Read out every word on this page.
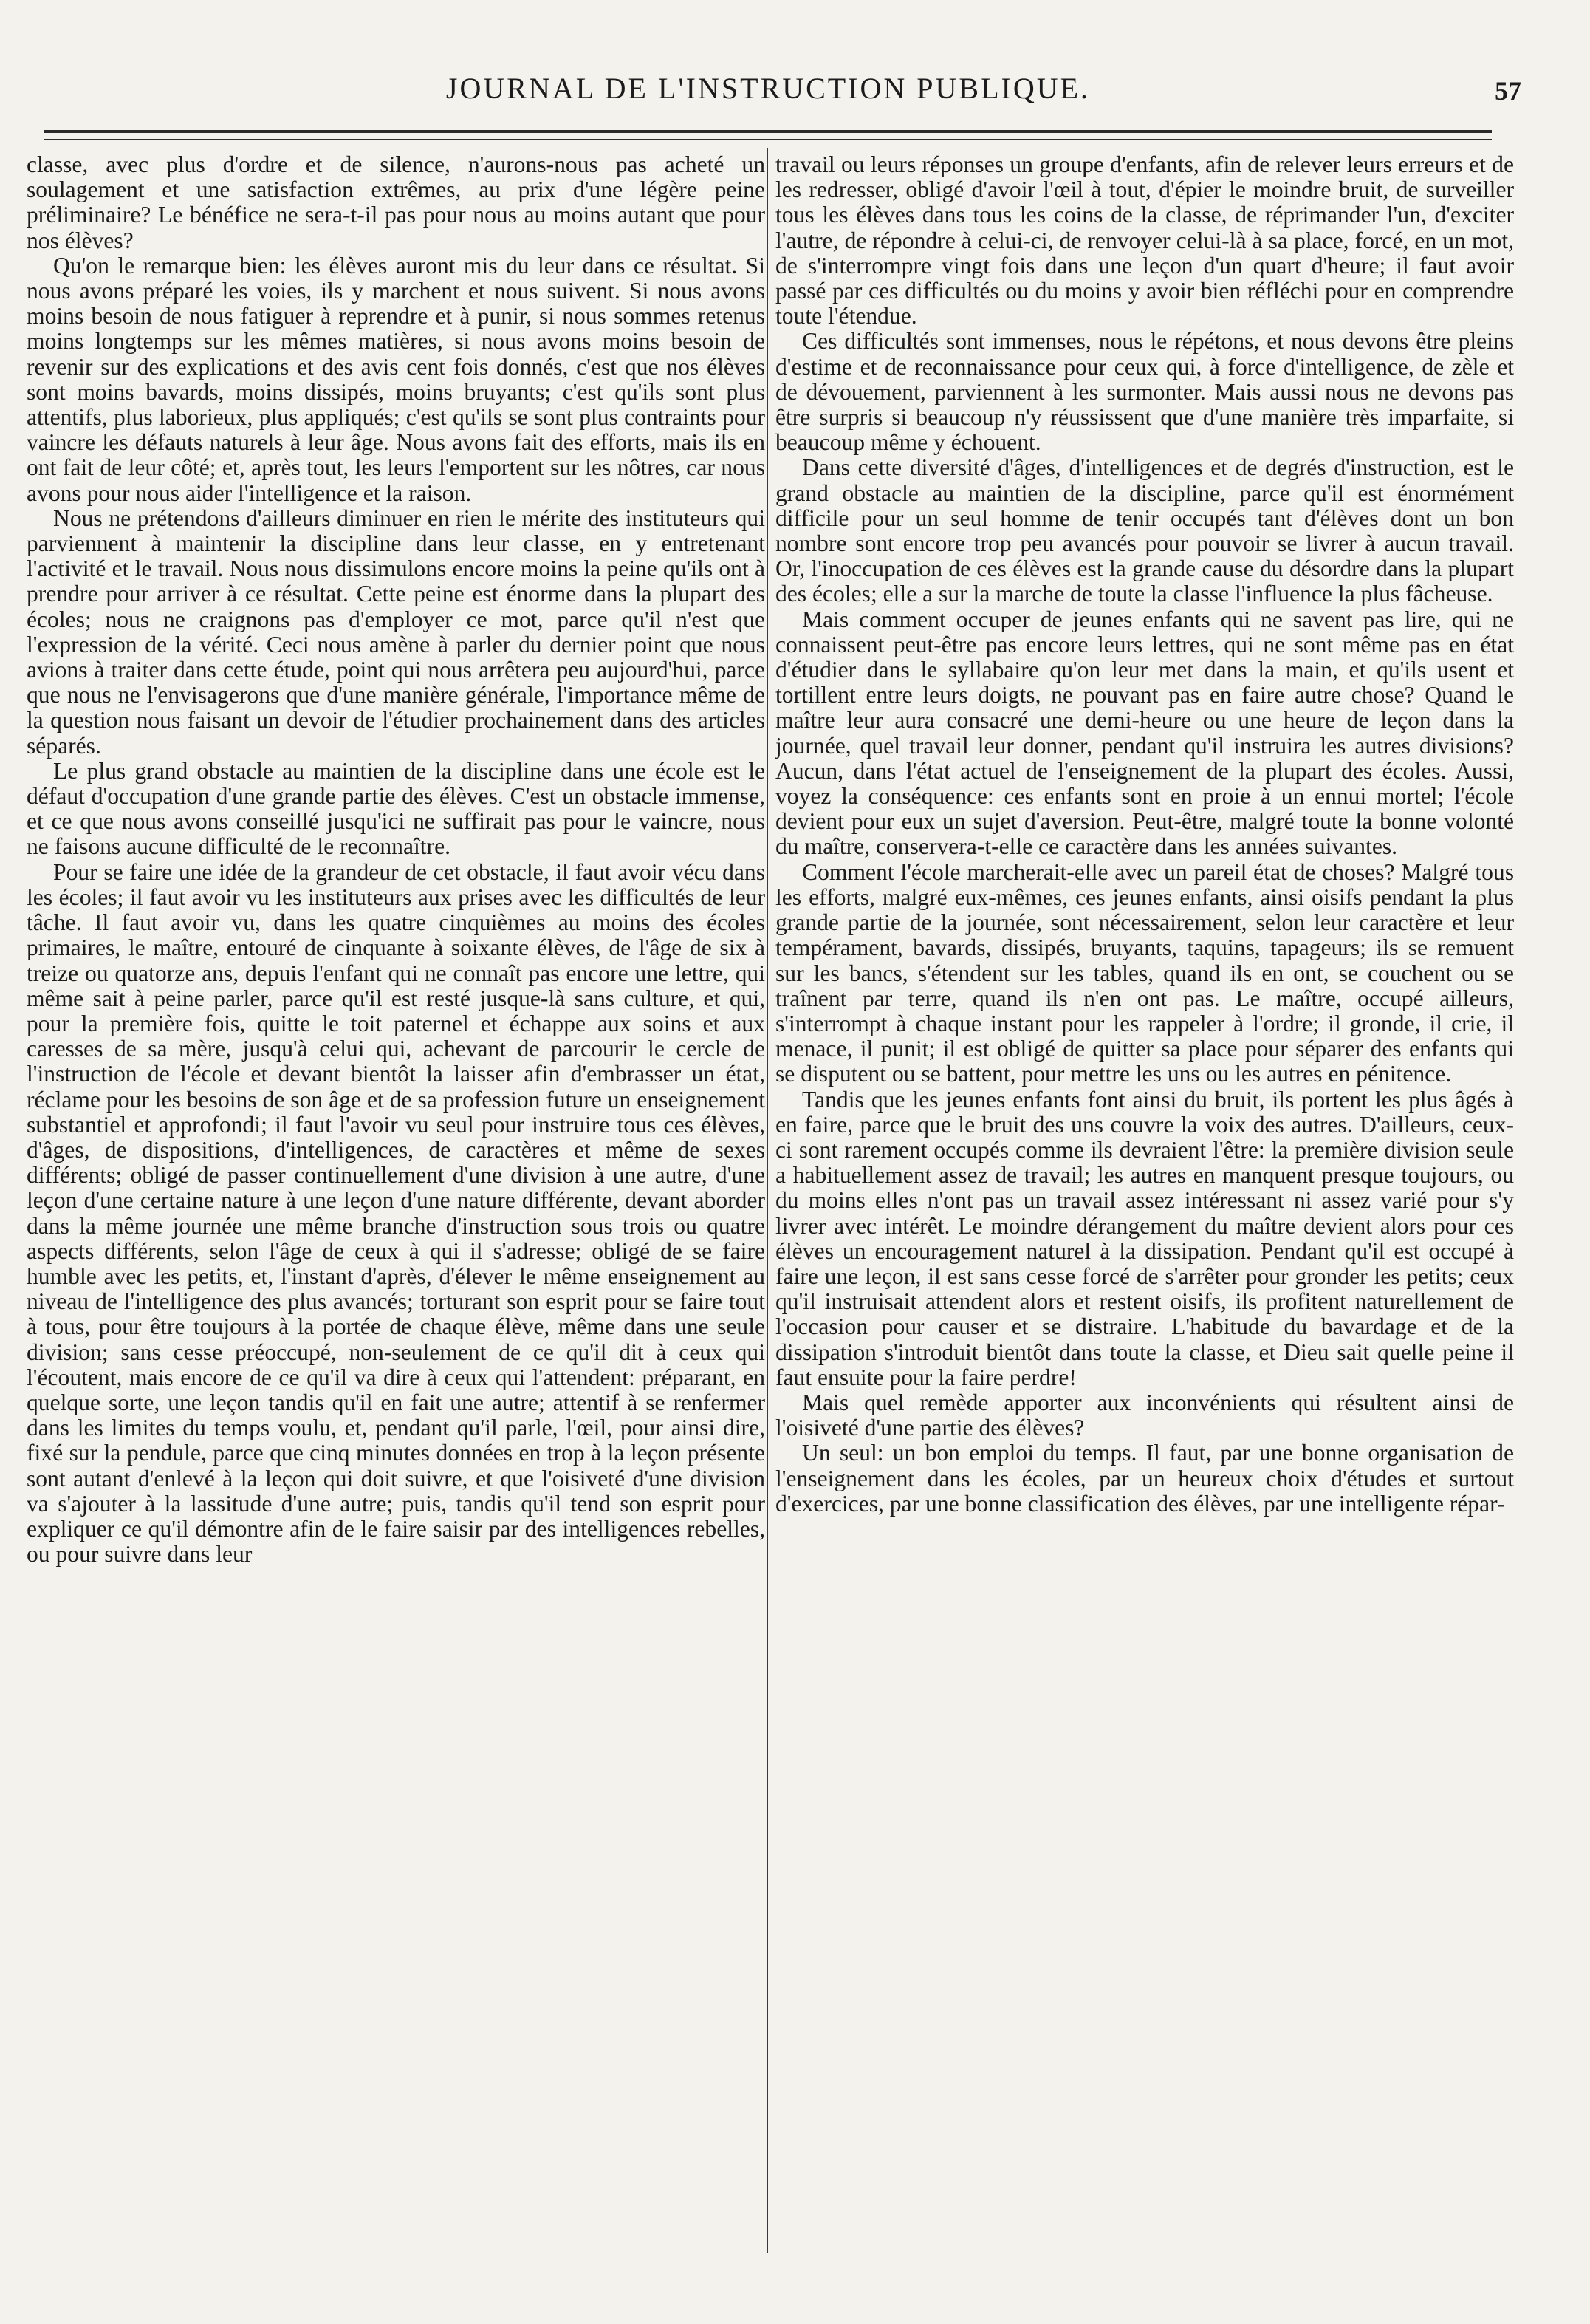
JOURNAL DE L'INSTRUCTION PUBLIQUE.	57

classe, avec plus d'ordre et de silence, n'aurons-nous pas acheté un soulagement et une satisfaction extrêmes, au prix d'une légère peine préliminaire? Le bénéfice ne sera-t-il pas pour nous au moins autant que pour nos élèves?

Qu'on le remarque bien: les élèves auront mis du leur dans ce résultat. Si nous avons préparé les voies, ils y marchent et nous suivent. Si nous avons moins besoin de nous fatiguer à reprendre et à punir, si nous sommes retenus moins longtemps sur les mêmes matières, si nous avons moins besoin de revenir sur des explications et des avis cent fois donnés, c'est que nos élèves sont moins bavards, moins dissipés, moins bruyants; c'est qu'ils sont plus attentifs, plus laborieux, plus appliqués; c'est qu'ils se sont plus contraints pour vaincre les défauts naturels à leur âge. Nous avons fait des efforts, mais ils en ont fait de leur côté; et, après tout, les leurs l'emportent sur les nôtres, car nous avons pour nous aider l'intelligence et la raison.

Nous ne prétendons d'ailleurs diminuer en rien le mérite des instituteurs qui parviennent à maintenir la discipline dans leur classe, en y entretenant l'activité et le travail. Nous nous dissimulons encore moins la peine qu'ils ont à prendre pour arriver à ce résultat. Cette peine est énorme dans la plupart des écoles; nous ne craignons pas d'employer ce mot, parce qu'il n'est que l'expression de la vérité. Ceci nous amène à parler du dernier point que nous avions à traiter dans cette étude, point qui nous arrêtera peu aujourd'hui, parce que nous ne l'envisagerons que d'une manière générale, l'importance même de la question nous faisant un devoir de l'étudier prochainement dans des articles séparés.

Le plus grand obstacle au maintien de la discipline dans une école est le défaut d'occupation d'une grande partie des élèves. C'est un obstacle immense, et ce que nous avons conseillé jusqu'ici ne suffirait pas pour le vaincre, nous ne faisons aucune difficulté de le reconnaître.

Pour se faire une idée de la grandeur de cet obstacle, il faut avoir vécu dans les écoles; il faut avoir vu les instituteurs aux prises avec les difficultés de leur tâche. Il faut avoir vu, dans les quatre cinquièmes au moins des écoles primaires, le maître, entouré de cinquante à soixante élèves, de l'âge de six à treize ou quatorze ans, depuis l'enfant qui ne connaît pas encore une lettre, qui même sait à peine parler, parce qu'il est resté jusque-là sans culture, et qui, pour la première fois, quitte le toit paternel et échappe aux soins et aux caresses de sa mère, jusqu'à celui qui, achevant de parcourir le cercle de l'instruction de l'école et devant bientôt la laisser afin d'embrasser un état, réclame pour les besoins de son âge et de sa profession future un enseignement substantiel et approfondi; il faut l'avoir vu seul pour instruire tous ces élèves, d'âges, de dispositions, d'intelligences, de caractères et même de sexes différents; obligé de passer continuellement d'une division à une autre, d'une leçon d'une certaine nature à une leçon d'une nature différente, devant aborder dans la même journée une même branche d'instruction sous trois ou quatre aspects différents, selon l'âge de ceux à qui il s'adresse; obligé de se faire humble avec les petits, et, l'instant d'après, d'élever le même enseignement au niveau de l'intelligence des plus avancés; torturant son esprit pour se faire tout à tous, pour être toujours à la portée de chaque élève, même dans une seule division; sans cesse préoccupé, non-seulement de ce qu'il dit à ceux qui l'écoutent, mais encore de ce qu'il va dire à ceux qui l'attendent: préparant, en quelque sorte, une leçon tandis qu'il en fait une autre; attentif à se renfermer dans les limites du temps voulu, et, pendant qu'il parle, l'œil, pour ainsi dire, fixé sur la pendule, parce que cinq minutes données en trop à la leçon présente sont autant d'enlevé à la leçon qui doit suivre, et que l'oisiveté d'une division va s'ajouter à la lassitude d'une autre; puis, tandis qu'il tend son esprit pour expliquer ce qu'il démontre afin de le faire saisir par des intelligences rebelles, ou pour suivre dans leur

travail ou leurs réponses un groupe d'enfants, afin de relever leurs erreurs et de les redresser, obligé d'avoir l'œil à tout, d'épier le moindre bruit, de surveiller tous les élèves dans tous les coins de la classe, de réprimander l'un, d'exciter l'autre, de répondre à celui-ci, de renvoyer celui-là à sa place, forcé, en un mot, de s'interrompre vingt fois dans une leçon d'un quart d'heure; il faut avoir passé par ces difficultés ou du moins y avoir bien réfléchi pour en comprendre toute l'étendue.

Ces difficultés sont immenses, nous le répétons, et nous devons être pleins d'estime et de reconnaissance pour ceux qui, à force d'intelligence, de zèle et de dévouement, parviennent à les surmonter. Mais aussi nous ne devons pas être surpris si beaucoup n'y réussissent que d'une manière très imparfaite, si beaucoup même y échouent.

Dans cette diversité d'âges, d'intelligences et de degrés d'instruction, est le grand obstacle au maintien de la discipline, parce qu'il est énormément difficile pour un seul homme de tenir occupés tant d'élèves dont un bon nombre sont encore trop peu avancés pour pouvoir se livrer à aucun travail. Or, l'inoccupation de ces élèves est la grande cause du désordre dans la plupart des écoles; elle a sur la marche de toute la classe l'influence la plus fâcheuse.

Mais comment occuper de jeunes enfants qui ne savent pas lire, qui ne connaissent peut-être pas encore leurs lettres, qui ne sont même pas en état d'étudier dans le syllabaire qu'on leur met dans la main, et qu'ils usent et tortillent entre leurs doigts, ne pouvant pas en faire autre chose? Quand le maître leur aura consacré une demi-heure ou une heure de leçon dans la journée, quel travail leur donner, pendant qu'il instruira les autres divisions? Aucun, dans l'état actuel de l'enseignement de la plupart des écoles. Aussi, voyez la conséquence: ces enfants sont en proie à un ennui mortel; l'école devient pour eux un sujet d'aversion. Peut-être, malgré toute la bonne volonté du maître, conservera-t-elle ce caractère dans les années suivantes.

Comment l'école marcherait-elle avec un pareil état de choses? Malgré tous les efforts, malgré eux-mêmes, ces jeunes enfants, ainsi oisifs pendant la plus grande partie de la journée, sont nécessairement, selon leur caractère et leur tempérament, bavards, dissipés, bruyants, taquins, tapageurs; ils se remuent sur les bancs, s'étendent sur les tables, quand ils en ont, se couchent ou se traînent par terre, quand ils n'en ont pas. Le maître, occupé ailleurs, s'interrompt à chaque instant pour les rappeler à l'ordre; il gronde, il crie, il menace, il punit; il est obligé de quitter sa place pour séparer des enfants qui se disputent ou se battent, pour mettre les uns ou les autres en pénitence.

Tandis que les jeunes enfants font ainsi du bruit, ils portent les plus âgés à en faire, parce que le bruit des uns couvre la voix des autres. D'ailleurs, ceux-ci sont rarement occupés comme ils devraient l'être: la première division seule a habituellement assez de travail; les autres en manquent presque toujours, ou du moins elles n'ont pas un travail assez intéressant ni assez varié pour s'y livrer avec intérêt. Le moindre dérangement du maître devient alors pour ces élèves un encouragement naturel à la dissipation. Pendant qu'il est occupé à faire une leçon, il est sans cesse forcé de s'arrêter pour gronder les petits; ceux qu'il instruisait attendent alors et restent oisifs, ils profitent naturellement de l'occasion pour causer et se distraire. L'habitude du bavardage et de la dissipation s'introduit bientôt dans toute la classe, et Dieu sait quelle peine il faut ensuite pour la faire perdre!

Mais quel remède apporter aux inconvénients qui résultent ainsi de l'oisiveté d'une partie des élèves?

Un seul: un bon emploi du temps. Il faut, par une bonne organisation de l'enseignement dans les écoles, par un heureux choix d'études et surtout d'exercices, par une bonne classification des élèves, par une intelligente répar-
